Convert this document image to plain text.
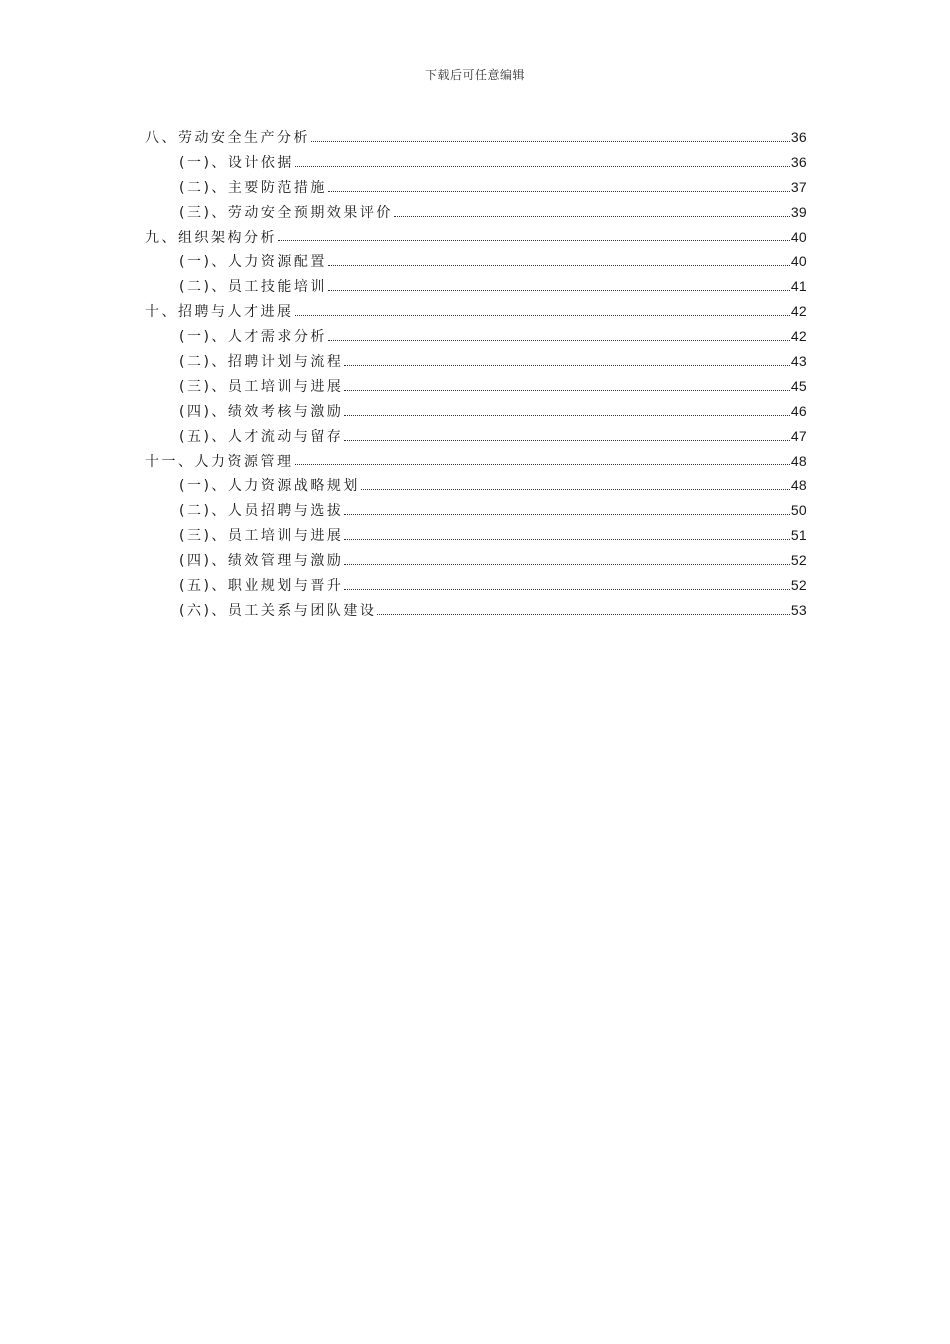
下载后可任意编辑
八、劳动安全生产分析	36
(一)、设计依据	36
(二)、主要防范措施	37
(三)、劳动安全预期效果评价	39
九、组织架构分析	40
(一)、人力资源配置	40
(二)、员工技能培训	41
十、招聘与人才进展	42
(一)、人才需求分析	42
(二)、招聘计划与流程	43
(三)、员工培训与进展	45
(四)、绩效考核与激励	46
(五)、人才流动与留存	47
十一、人力资源管理	48
(一)、人力资源战略规划	48
(二)、人员招聘与选拔	50
(三)、员工培训与进展	51
(四)、绩效管理与激励	52
(五)、职业规划与晋升	52
(六)、员工关系与团队建设	53
